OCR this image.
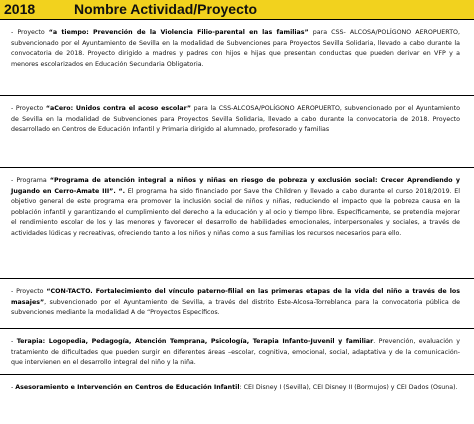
2018	Nombre Actividad/Proyecto
- Proyecto “a tiempo: Prevención de la Violencia Filio-parental en las familias” para CSS- ALCOSA/POLÍGONO AEROPUERTO, subvencionado por el Ayuntamiento de Sevilla en la modalidad de Subvenciones para Proyectos Sevilla Solidaria, llevado a cabo durante la convocatoria de 2018. Proyecto dirigido a madres y padres con hijos e hijas que presentan conductas que pueden derivar en VFP y a menores escolarizados en Educación Secundaria Obligatoria.
- Proyecto “aCero: Unidos contra el acoso escolar” para la CSS-ALCOSA/POLÍGONO AEROPUERTO, subvencionado por el Ayuntamiento de Sevilla en la modalidad de Subvenciones para Proyectos Sevilla Solidaria, llevado a cabo durante la convocatoria de 2018. Proyecto desarrollado en Centros de Educación Infantil y Primaria dirigido al alumnado, profesorado y familias
- Programa “Programa de atención integral a niños y niñas en riesgo de pobreza y exclusión social: Crecer Aprendiendo y Jugando en Cerro-Amate III”. “. El programa ha sido financiado por Save the Children y llevado a cabo durante el curso 2018/2019. El objetivo general de este programa era promover la inclusión social de niños y niñas, reduciendo el impacto que la pobreza causa en la población infantil y garantizando el cumplimiento del derecho a la educación y al ocio y tiempo libre. Específicamente, se pretendía mejorar el rendimiento escolar de los y las menores y favorecer el desarrollo de habilidades emocionales, interpersonales y sociales, a través de actividades lúdicas y recreativas, ofreciendo tanto a los niños y niñas como a sus familias los recursos necesarios para ello.
- Proyecto “CON-TACTO. Fortalecimiento del vínculo paterno-filial en las primeras etapas de la vida del niño a través de los masajes”, subvencionado por el Ayuntamiento de Sevilla, a través del distrito Este-Alcosa-Torreblanca para la convocatoria pública de subvenciones mediante la modalidad A de “Proyectos Específicos.
- Terapia: Logopedia, Pedagogía, Atención Temprana, Psicología, Terapia Infanto-Juvenil y familiar. Prevención, evaluación y tratamiento de dificultades que pueden surgir en diferentes áreas –escolar, cognitiva, emocional, social, adaptativa y de la comunicación- que intervienen en el desarrollo integral del niño y la niña.
- Asesoramiento e Intervención en Centros de Educación Infantil: CEI Disney I (Sevilla), CEI Disney II (Bormujos) y CEI Dados (Osuna).
